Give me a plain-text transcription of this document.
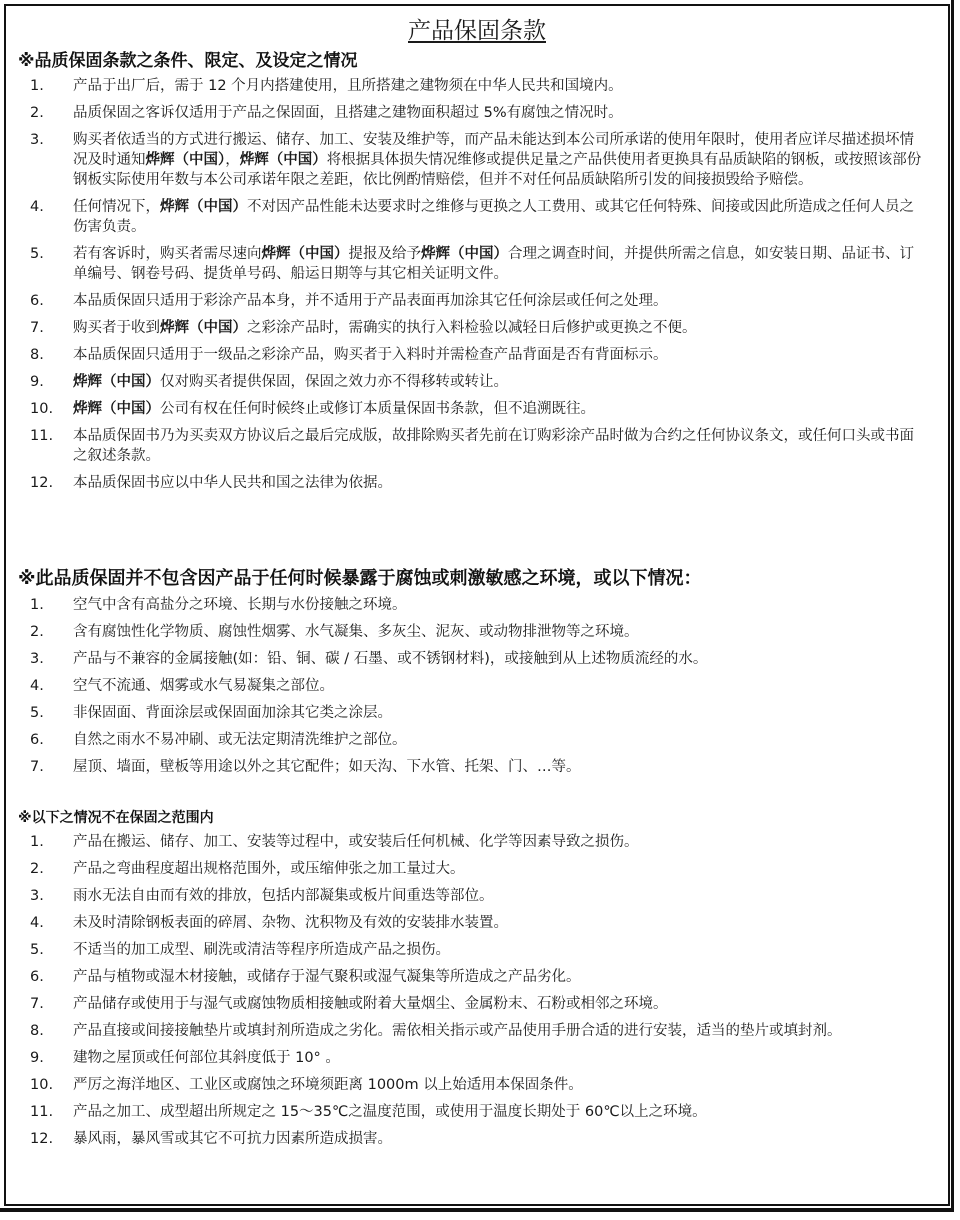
产品保固条款
※品质保固条款之条件、限定、及设定之情况
1.	产品于出厂后，需于 12 个月内搭建使用，且所搭建之建物须在中华人民共和国境内。
2.	品质保固之客诉仅适用于产品之保固面，且搭建之建物面积超过 5%有腐蚀之情况时。
3.	购买者依适当的方式进行搬运、储存、加工、安装及维护等，而产品未能达到本公司所承诺的使用年限时，使用者应详尽描述损坏情况及时通知烨辉（中国），烨辉（中国）将根据具体损失情况维修或提供足量之产品供使用者更换具有品质缺陷的钢板，或按照该部份钢板实际使用年数与本公司承诺年限之差距，依比例酌情赔偿，但并不对任何品质缺陷所引发的间接损毁给予赔偿。
4.	任何情况下，烨辉（中国）不对因产品性能未达要求时之维修与更换之人工费用、或其它任何特殊、间接或因此所造成之任何人员之伤害负责。
5.	若有客诉时，购买者需尽速向烨辉（中国）提报及给予烨辉（中国）合理之调查时间，并提供所需之信息，如安装日期、品证书、订单编号、钢卷号码、提货单号码、船运日期等与其它相关证明文件。
6.	本品质保固只适用于彩涂产品本身，并不适用于产品表面再加涂其它任何涂层或任何之处理。
7.	购买者于收到烨辉（中国）之彩涂产品时，需确实的执行入料检验以减轻日后修护或更换之不便。
8.	本品质保固只适用于一级品之彩涂产品，购买者于入料时并需检查产品背面是否有背面标示。
9.	烨辉（中国）仅对购买者提供保固，保固之效力亦不得移转或转让。
10.	烨辉（中国）公司有权在任何时候终止或修订本质量保固书条款，但不追溯既往。
11.	本品质保固书乃为买卖双方协议后之最后完成版，故排除购买者先前在订购彩涂产品时做为合约之任何协议条文，或任何口头或书面之叙述条款。
12.	本品质保固书应以中华人民共和国之法律为依据。
※此品质保固并不包含因产品于任何时候暴露于腐蚀或刺激敏感之环境，或以下情况：
1.	空气中含有高盐分之环境、长期与水份接触之环境。
2.	含有腐蚀性化学物质、腐蚀性烟雾、水气凝集、多灰尘、泥灰、或动物排泄物等之环境。
3.	产品与不兼容的金属接触(如：铅、铜、碳 / 石墨、或不锈钢材料)，或接触到从上述物质流经的水。
4.	空气不流通、烟雾或水气易凝集之部位。
5.	非保固面、背面涂层或保固面加涂其它类之涂层。
6.	自然之雨水不易冲刷、或无法定期清洗维护之部位。
7.	屋顶、墙面，壁板等用途以外之其它配件；如天沟、下水管、托架、门、…等。
※以下之情况不在保固之范围内
1.	产品在搬运、储存、加工、安装等过程中，或安装后任何机械、化学等因素导致之损伤。
2.	产品之弯曲程度超出规格范围外，或压缩伸张之加工量过大。
3.	雨水无法自由而有效的排放，包括内部凝集或板片间重迭等部位。
4.	未及时清除钢板表面的碎屑、杂物、沈积物及有效的安装排水装置。
5.	不适当的加工成型、刷洗或清洁等程序所造成产品之损伤。
6.	产品与植物或湿木材接触，或储存于湿气聚积或湿气凝集等所造成之产品劣化。
7.	产品储存或使用于与湿气或腐蚀物质相接触或附着大量烟尘、金属粉末、石粉或相邻之环境。
8.	产品直接或间接接触垫片或填封剂所造成之劣化。需依相关指示或产品使用手册合适的进行安装，适当的垫片或填封剂。
9.	建物之屋顶或任何部位其斜度低于 10° 。
10.	严厉之海洋地区、工业区或腐蚀之环境须距离 1000m 以上始适用本保固条件。
11.	产品之加工、成型超出所规定之 15～35℃之温度范围，或使用于温度长期处于 60℃以上之环境。
12.	暴风雨，暴风雪或其它不可抗力因素所造成损害。
